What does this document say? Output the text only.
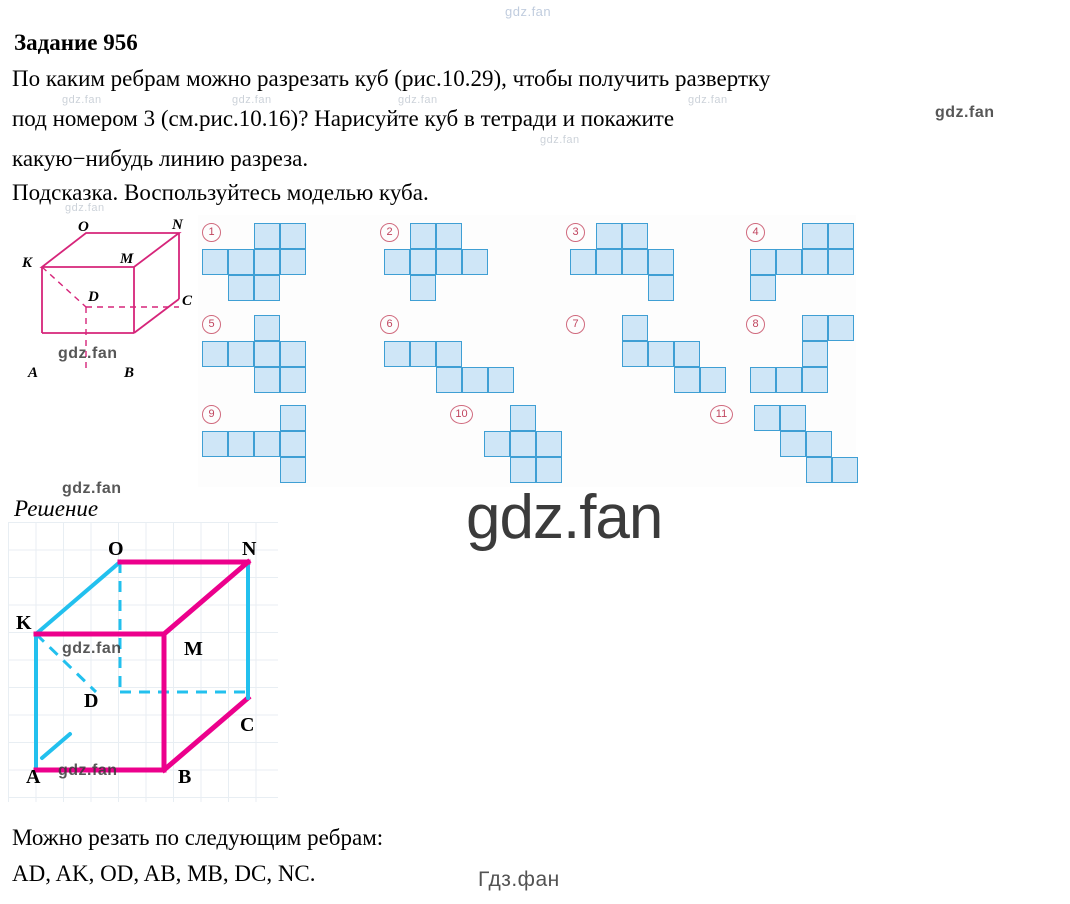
gdz.fan
Задание 956
По каким ребрам можно разрезать куб (рис.10.29), чтобы получить развертку
под номером 3 (см.рис.10.16)? Нарисуйте куб в тетради и покажите
какую−нибудь линию разреза.
Подсказка. Воспользуйтесь моделью куба.
gdz.fan	gdz.fan	gdz.fan	gdz.fan
gdz.fan
gdz.fan
gdz.fan
O	N
K	M
D	C
A	B
gdz.fan
1	2	3	4
5	6	7	8
9	10	11
gdz.fan
gdz.fan
Решение
O	N
K
M
D
C
A	B
gdz.fan
gdz.fan
Можно резать по следующим ребрам:
AD, AK, OD, AB, MB, DC, NC.	Гдз.фан
